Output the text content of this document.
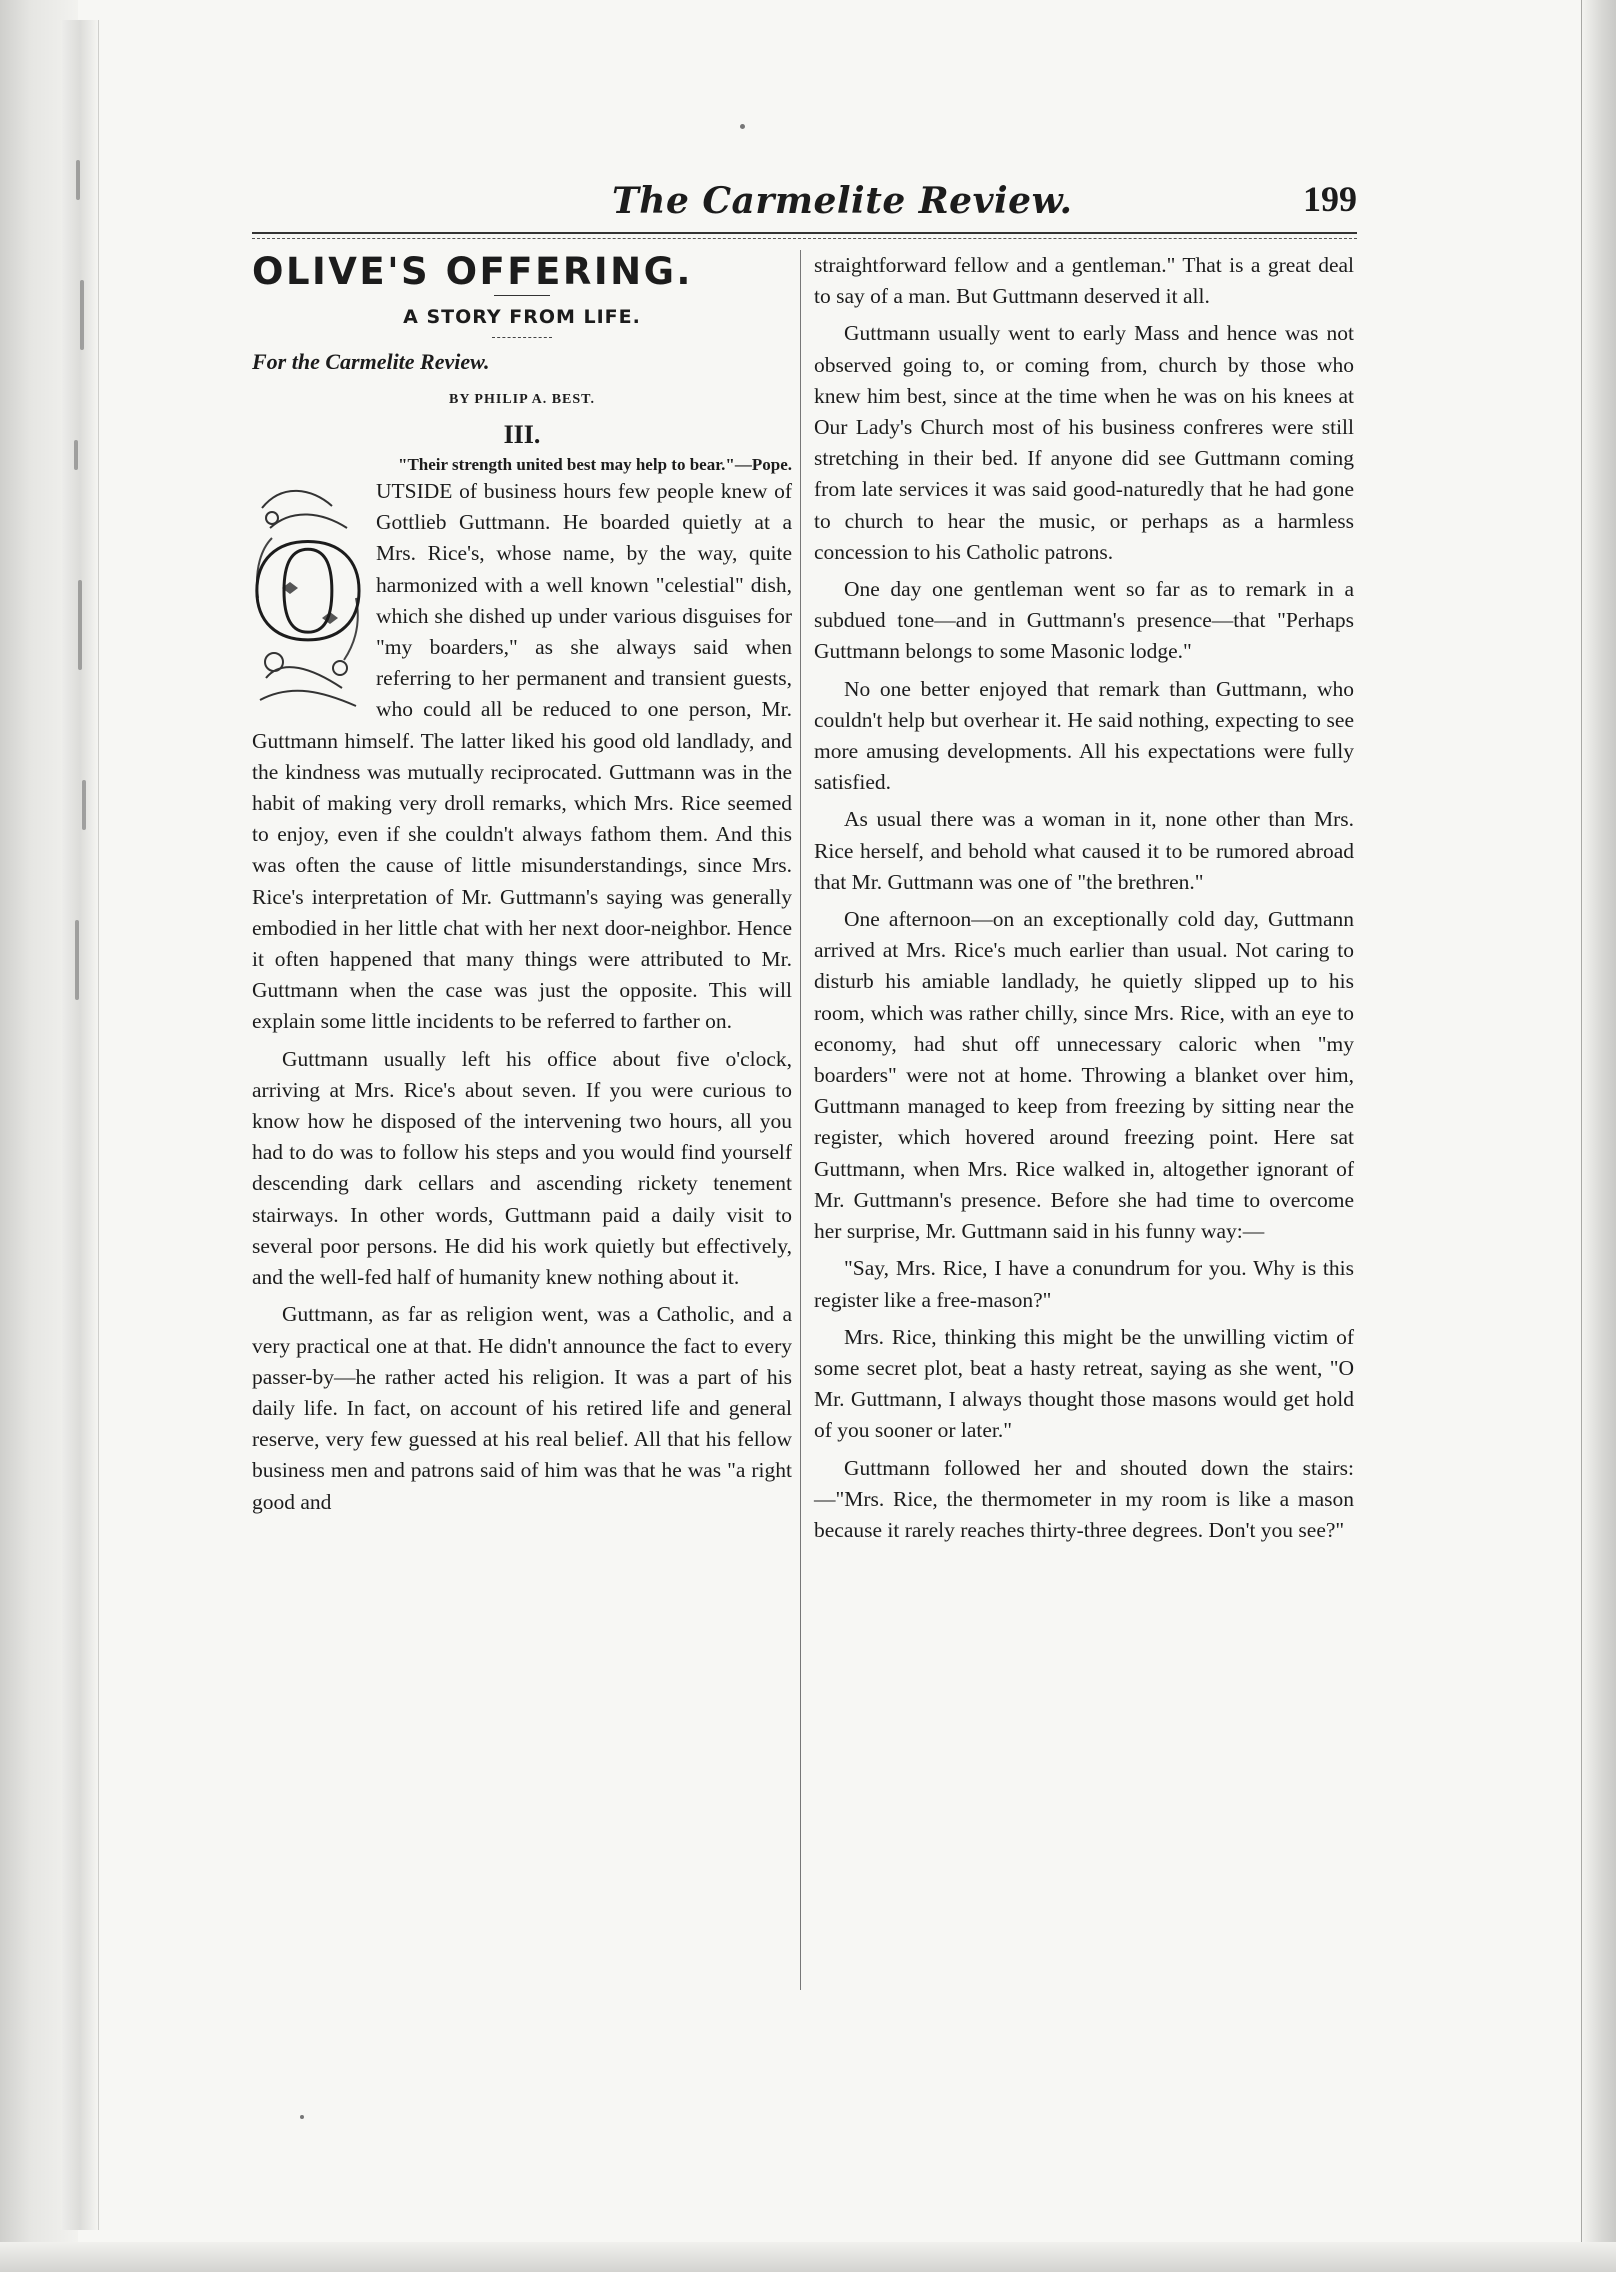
The Carmelite Review.	199
OLIVE'S OFFERING.
A STORY FROM LIFE.
For the Carmelite Review.
BY PHILIP A. BEST.
III.
"Their strength united best may help to bear."—Pope.
O

UTSIDE of business hours few people knew of Gottlieb Guttmann. He boarded quietly at a Mrs. Rice's, whose name, by the way, quite harmonized with a well known "celestial" dish, which she dished up under various disguises for "my boarders," as she always said when referring to her permanent and transient guests, who could all be reduced to one person, Mr. Guttmann himself. The latter liked his good old landlady, and the kindness was mutually reciprocated. Guttmann was in the habit of making very droll remarks, which Mrs. Rice seemed to enjoy, even if she couldn't always fathom them. And this was often the cause of little misunderstandings, since Mrs. Rice's interpretation of Mr. Guttmann's saying was generally embodied in her little chat with her next door-neighbor. Hence it often happened that many things were attributed to Mr. Guttmann when the case was just the opposite. This will explain some little incidents to be referred to farther on.

Guttmann usually left his office about five o'clock, arriving at Mrs. Rice's about seven. If you were curious to know how he disposed of the intervening two hours, all you had to do was to follow his steps and you would find yourself descending dark cellars and ascending rickety tenement stairways. In other words, Guttmann paid a daily visit to several poor persons. He did his work quietly but effectively, and the well-fed half of humanity knew nothing about it.

Guttmann, as far as religion went, was a Catholic, and a very practical one at that. He didn't announce the fact to every passer-by—he rather acted his religion. It was a part of his daily life. In fact, on account of his retired life and general reserve, very few guessed at his real belief. All that his fellow business men and patrons said of him was that he was "a right good and

straightforward fellow and a gentleman." That is a great deal to say of a man. But Guttmann deserved it all.

Guttmann usually went to early Mass and hence was not observed going to, or coming from, church by those who knew him best, since at the time when he was on his knees at Our Lady's Church most of his business confreres were still stretching in their bed. If anyone did see Guttmann coming from late services it was said good-naturedly that he had gone to church to hear the music, or perhaps as a harmless concession to his Catholic patrons.

One day one gentleman went so far as to remark in a subdued tone—and in Guttmann's presence—that "Perhaps Guttmann belongs to some Masonic lodge."

No one better enjoyed that remark than Guttmann, who couldn't help but overhear it. He said nothing, expecting to see more amusing developments. All his expectations were fully satisfied.

As usual there was a woman in it, none other than Mrs. Rice herself, and behold what caused it to be rumored abroad that Mr. Guttmann was one of "the brethren."

One afternoon—on an exceptionally cold day, Guttmann arrived at Mrs. Rice's much earlier than usual. Not caring to disturb his amiable landlady, he quietly slipped up to his room, which was rather chilly, since Mrs. Rice, with an eye to economy, had shut off unnecessary caloric when "my boarders" were not at home. Throwing a blanket over him, Guttmann managed to keep from freezing by sitting near the register, which hovered around freezing point. Here sat Guttmann, when Mrs. Rice walked in, altogether ignorant of Mr. Guttmann's presence. Before she had time to overcome her surprise, Mr. Guttmann said in his funny way:—

"Say, Mrs. Rice, I have a conundrum for you. Why is this register like a free-mason?"

Mrs. Rice, thinking this might be the unwilling victim of some secret plot, beat a hasty retreat, saying as she went, "O Mr. Guttmann, I always thought those masons would get hold of you sooner or later."

Guttmann followed her and shouted down the stairs:—"Mrs. Rice, the thermometer in my room is like a mason because it rarely reaches thirty-three degrees. Don't you see?"
